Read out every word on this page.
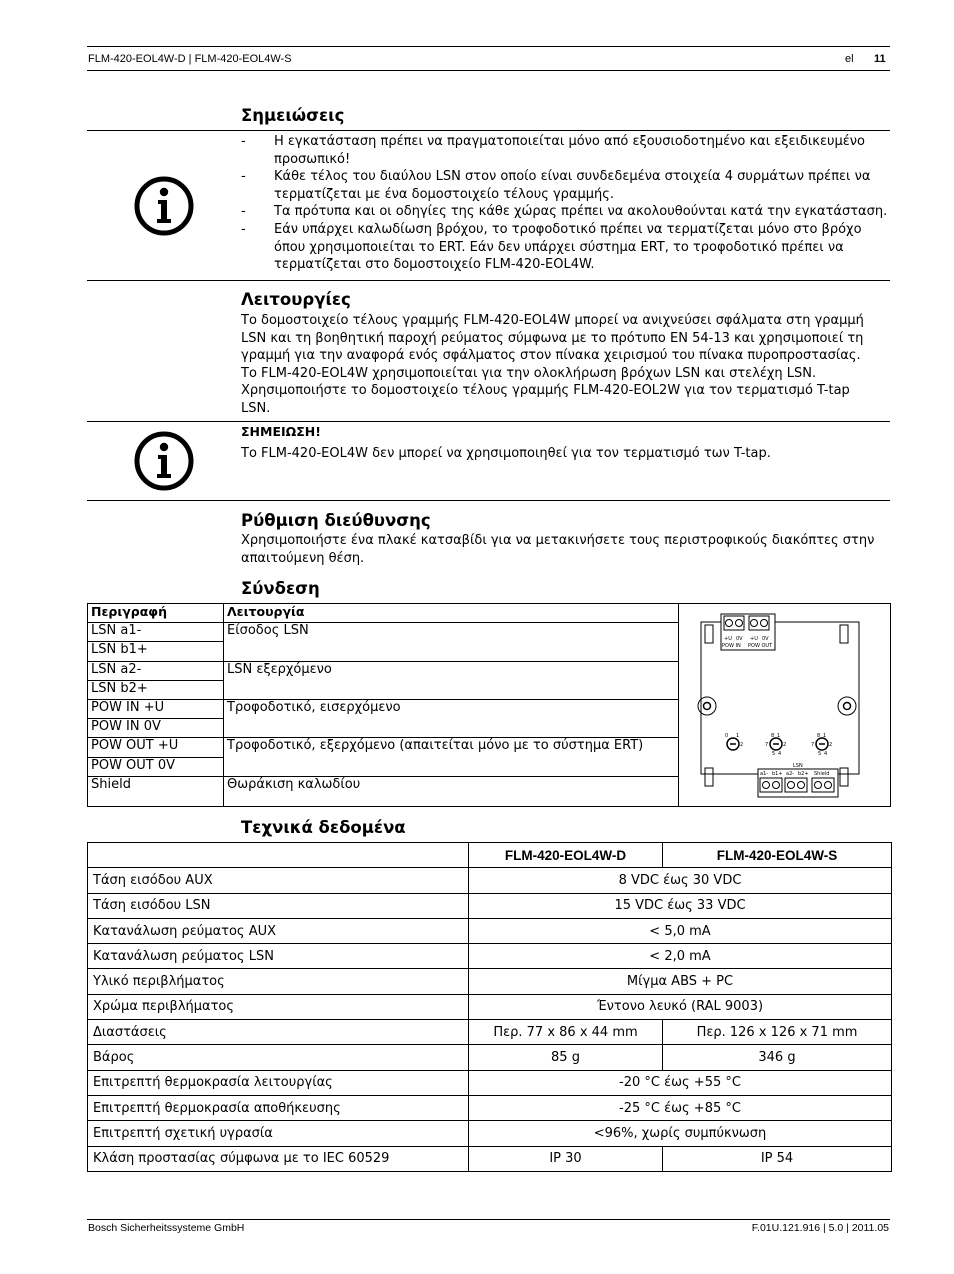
FLM-420-EOL4W-D | FLM-420-EOL4W-S	el 11
Σημειώσεις
- Η εγκατάσταση πρέπει να πραγματοποιείται μόνο από εξουσιοδοτημένο και εξειδικευμένο
προσωπικό!
- Κάθε τέλος του διαύλου LSN στον οποίο είναι συνδεδεμένα στοιχεία 4 συρμάτων πρέπει να
τερματίζεται με ένα δομοστοιχείο τέλους γραμμής.
- Τα πρότυπα και οι οδηγίες της κάθε χώρας πρέπει να ακολουθούνται κατά την εγκατάσταση.
- Εάν υπάρχει καλωδίωση βρόχου, το τροφοδοτικό πρέπει να τερματίζεται μόνο στο βρόχο
όπου χρησιμοποιείται το ERT. Εάν δεν υπάρχει σύστημα ERT, το τροφοδοτικό πρέπει να
τερματίζεται στο δομοστοιχείο FLM-420-EOL4W.
Λειτουργίες
Το δομοστοιχείο τέλους γραμμής FLM-420-EOL4W μπορεί να ανιχνεύσει σφάλματα στη γραμμή
LSN και τη βοηθητική παροχή ρεύματος σύμφωνα με το πρότυπο EN 54-13 και χρησιμοποιεί τη
γραμμή για την αναφορά ενός σφάλματος στον πίνακα χειρισμού του πίνακα πυροπροστασίας.
Το FLM-420-EOL4W χρησιμοποιείται για την ολοκλήρωση βρόχων LSN και στελέχη LSN.
Χρησιμοποιήστε το δομοστοιχείο τέλους γραμμής FLM-420-EOL2W για τον τερματισμό T-tap
LSN.
ΣΗΜΕΙΩΣΗ!
Το FLM-420-EOL4W δεν μπορεί να χρησιμοποιηθεί για τον τερματισμό των T-tap.
Ρύθμιση διεύθυνσης
Χρησιμοποιήστε ένα πλακέ κατσαβίδι για να μετακινήσετε τους περιστροφικούς διακόπτες στην
απαιτούμενη θέση.
Σύνδεση
Περιγραφή	Λειτουργία
LSN a1-	Είσοδος LSN
LSN b1+	
LSN a2-	LSN εξερχόμενο
LSN b2+	
POW IN +U	Τροφοδοτικό, εισερχόμενο
POW IN 0V	
POW OUT +U	Τροφοδοτικό, εξερχόμενο (απαιτείται μόνο με το σύστημα ERT)
POW OUT 0V	
Shield	Θωράκιση καλωδίου
+U 0V +U 0V
POW IN POW OUT
0 1
2	7
8 1
2
5 4
7
8 1
2
5 4
LSN
a1- b1+ a2- b2+ Shield
Τεχνικά δεδομένα
	FLM-420-EOL4W-D	FLM-420-EOL4W-S
Τάση εισόδου AUX	8 VDC έως 30 VDC	
Τάση εισόδου LSN	15 VDC έως 33 VDC	
Κατανάλωση ρεύματος AUX	< 5,0 mA	
Κατανάλωση ρεύματος LSN	< 2,0 mA	
Υλικό περιβλήματος	Μίγμα ABS + PC	
Χρώμα περιβλήματος	Έντονο λευκό (RAL 9003)	
Διαστάσεις	Περ. 77 x 86 x 44 mm	Περ. 126 x 126 x 71 mm
Βάρος	85 g	346 g
Επιτρεπτή θερμοκρασία λειτουργίας	-20 °C έως +55 °C	
Επιτρεπτή θερμοκρασία αποθήκευσης	-25 °C έως +85 °C	
Επιτρεπτή σχετική υγρασία	<96%, χωρίς συμπύκνωση	
Κλάση προστασίας σύμφωνα με το IEC 60529	IP 30	IP 54
Bosch Sicherheitssysteme GmbH	F.01U.121.916 | 5.0 | 2011.05
